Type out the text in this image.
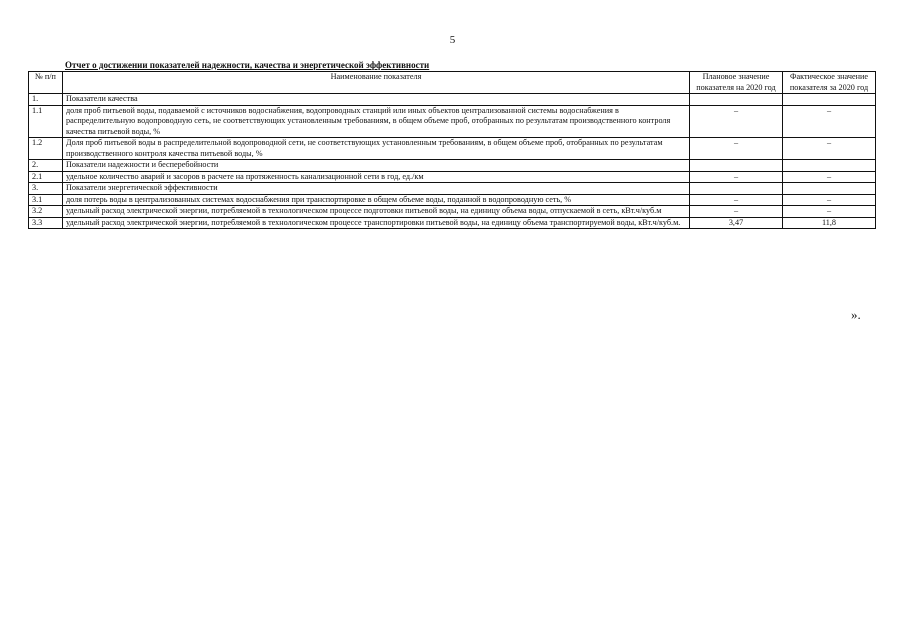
5
Отчет о достижении показателей надежности, качества и энергетической эффективности
№ п/п	Наименование показателя	Плановое значение показателя на 2020 год	Фактическое значение показателя за 2020 год
1.	Показатели качества		
1.1	доля проб питьевой воды, подаваемой с источников водоснабжения, водопроводных станций или иных объектов централизованной системы водоснабжения в распределительную водопроводную сеть, не соответствующих установленным требованиям, в общем объеме проб, отобранных по результатам производственного контроля качества питьевой воды, %	–	–
1.2	Доля проб питьевой воды в распределительной водопроводной сети, не соответствующих установленным требованиям, в общем объеме проб, отобранных по результатам производственного контроля качества питьевой воды, %	–	–
2.	Показатели надежности и бесперебойности		
2.1	удельное количество аварий и засоров в расчете на протяженность канализационной сети в год, ед./км	–	–
3.	Показатели энергетической эффективности		
3.1	доля потерь воды в централизованных системах водоснабжения при транспортировке в общем объеме воды, поданной в водопроводную сеть, %	–	–
3.2	удельный расход электрической энергии, потребляемой в технологическом процессе подготовки питьевой воды, на единицу объема воды, отпускаемой в сеть, кВт.ч/куб.м	–	–
3.3	удельный расход электрической энергии, потребляемой в технологическом процессе транспортировки питьевой воды, на единицу объема транспортируемой воды, кВт.ч/куб.м.	3,47	11,8
».
